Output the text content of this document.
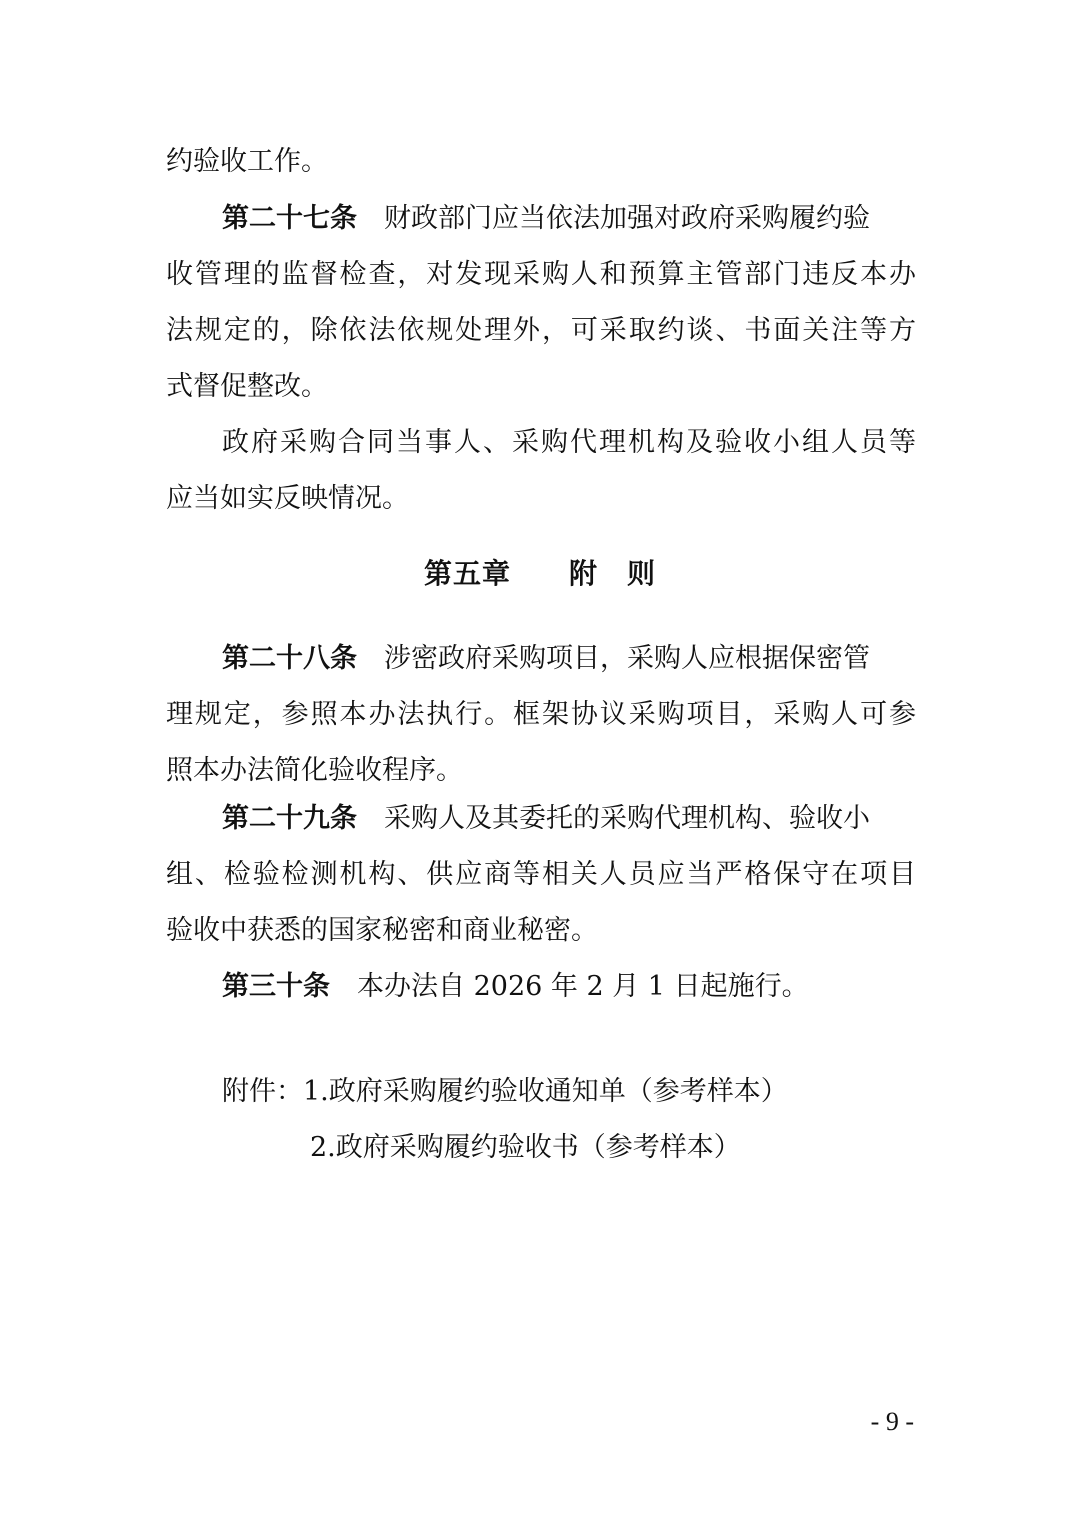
约验收工作。
第二十七条  财政部门应当依法加强对政府采购履约验
收管理的监督检查，对发现采购人和预算主管部门违反本办
法规定的，除依法依规处理外，可采取约谈、书面关注等方
式督促整改。
政府采购合同当事人、采购代理机构及验收小组人员等
应当如实反映情况。
第五章   附　则
第二十八条  涉密政府采购项目，采购人应根据保密管
理规定，参照本办法执行。框架协议采购项目，采购人可参
照本办法简化验收程序。
第二十九条  采购人及其委托的采购代理机构、验收小
组、检验检测机构、供应商等相关人员应当严格保守在项目
验收中获悉的国家秘密和商业秘密。
第三十条  本办法自 2026 年 2 月 1 日起施行。
附件：1.政府采购履约验收通知单（参考样本）
2.政府采购履约验收书（参考样本）
- 9 -
